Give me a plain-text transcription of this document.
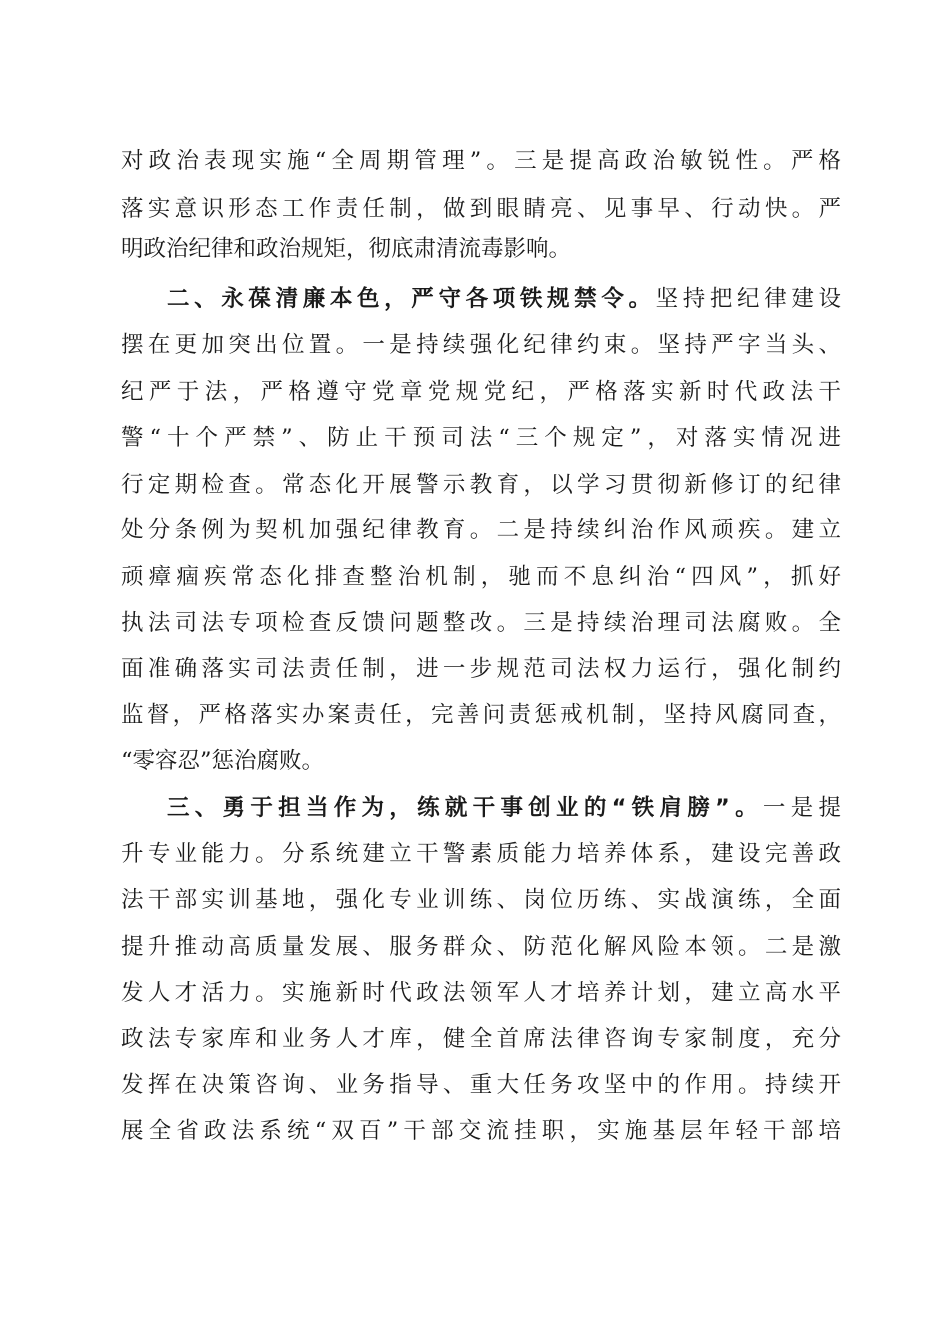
对政治表现实施“全周期管理”。三是提高政治敏锐性。严格
落实意识形态工作责任制，做到眼睛亮、见事早、行动快。严
明政治纪律和政治规矩，彻底肃清流毒影响。
二、永葆清廉本色，严守各项铁规禁令。坚持把纪律建设
摆在更加突出位置。一是持续强化纪律约束。坚持严字当头、
纪严于法，严格遵守党章党规党纪，严格落实新时代政法干
警“十个严禁”、防止干预司法“三个规定”，对落实情况进
行定期检查。常态化开展警示教育，以学习贯彻新修订的纪律
处分条例为契机加强纪律教育。二是持续纠治作风顽疾。建立
顽瘴痼疾常态化排查整治机制，驰而不息纠治“四风”，抓好
执法司法专项检查反馈问题整改。三是持续治理司法腐败。全
面准确落实司法责任制，进一步规范司法权力运行，强化制约
监督，严格落实办案责任，完善问责惩戒机制，坚持风腐同查，
“零容忍”惩治腐败。
三、勇于担当作为，练就干事创业的“铁肩膀”。一是提
升专业能力。分系统建立干警素质能力培养体系，建设完善政
法干部实训基地，强化专业训练、岗位历练、实战演练，全面
提升推动高质量发展、服务群众、防范化解风险本领。二是激
发人才活力。实施新时代政法领军人才培养计划，建立高水平
政法专家库和业务人才库，健全首席法律咨询专家制度，充分
发挥在决策咨询、业务指导、重大任务攻坚中的作用。持续开
展全省政法系统“双百”干部交流挂职，实施基层年轻干部培
